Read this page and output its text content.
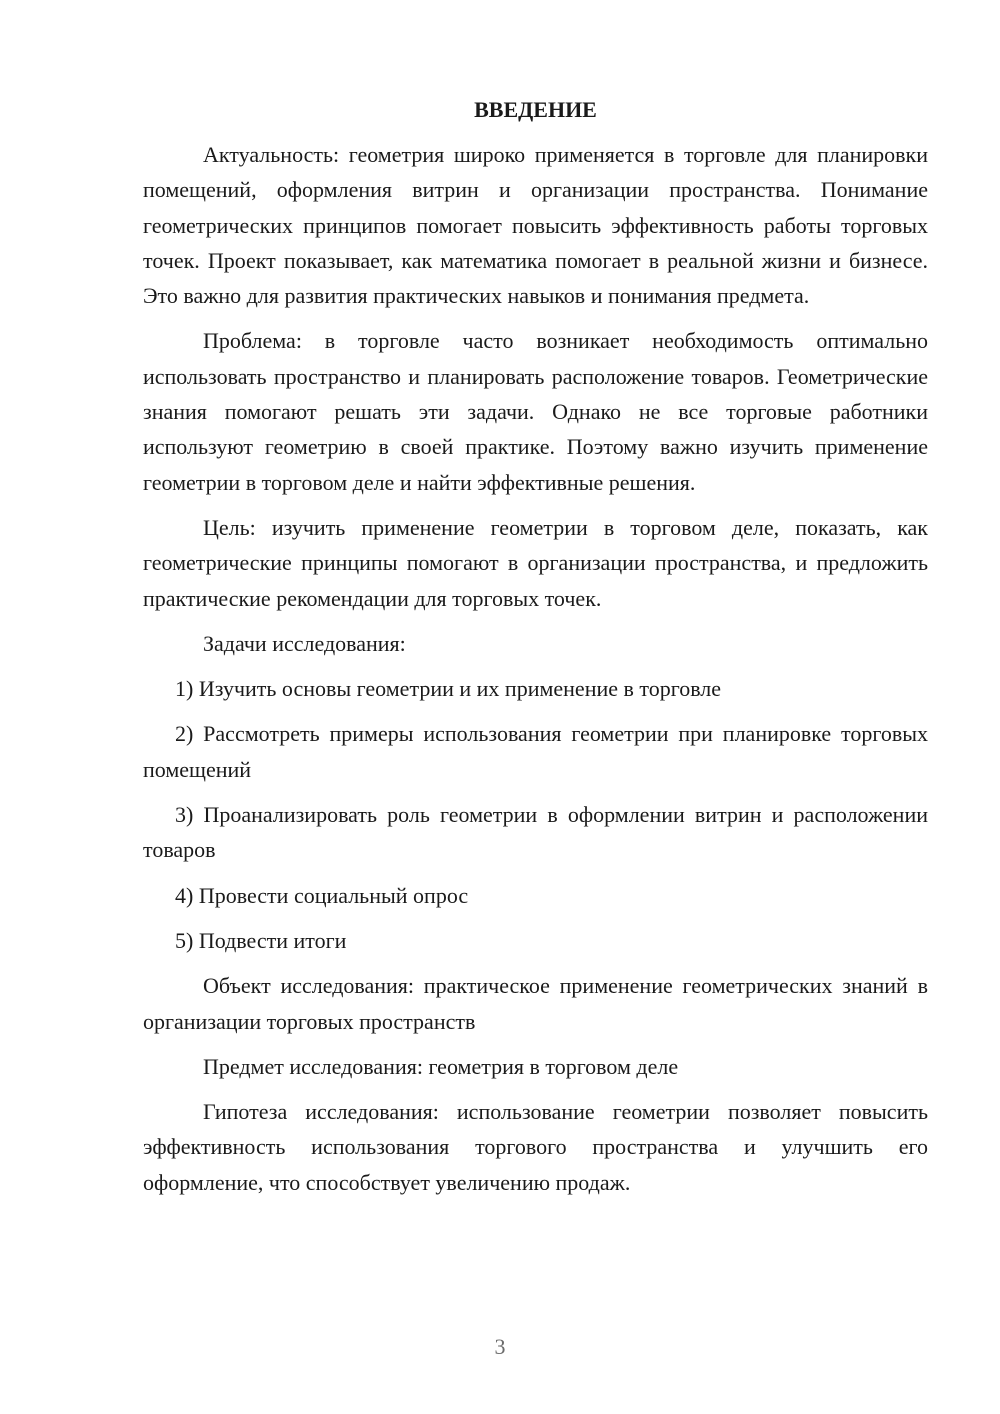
ВВЕДЕНИЕ

Актуальность: геометрия широко применяется в торговле для планировки помещений, оформления витрин и организации пространства. Понимание геометрических принципов помогает повысить эффективность работы торговых точек. Проект показывает, как математика помогает в реальной жизни и бизнесе. Это важно для развития практических навыков и понимания предмета.

Проблема: в торговле часто возникает необходимость оптимально использовать пространство и планировать расположение товаров. Геометрические знания помогают решать эти задачи. Однако не все торговые работники используют геометрию в своей практике. Поэтому важно изучить применение геометрии в торговом деле и найти эффективные решения.

Цель: изучить применение геометрии в торговом деле, показать, как геометрические принципы помогают в организации пространства, и предложить практические рекомендации для торговых точек.

Задачи исследования:

1) Изучить основы геометрии и их применение в торговле

2) Рассмотреть примеры использования геометрии при планировке торговых помещений

3) Проанализировать роль геометрии в оформлении витрин и расположении товаров

4) Провести социальный опрос

5) Подвести итоги

Объект исследования: практическое применение геометрических знаний в организации торговых пространств

Предмет исследования: геометрия в торговом деле

Гипотеза исследования: использование геометрии позволяет повысить эффективность использования торгового пространства и улучшить его оформление, что способствует увеличению продаж.

3
